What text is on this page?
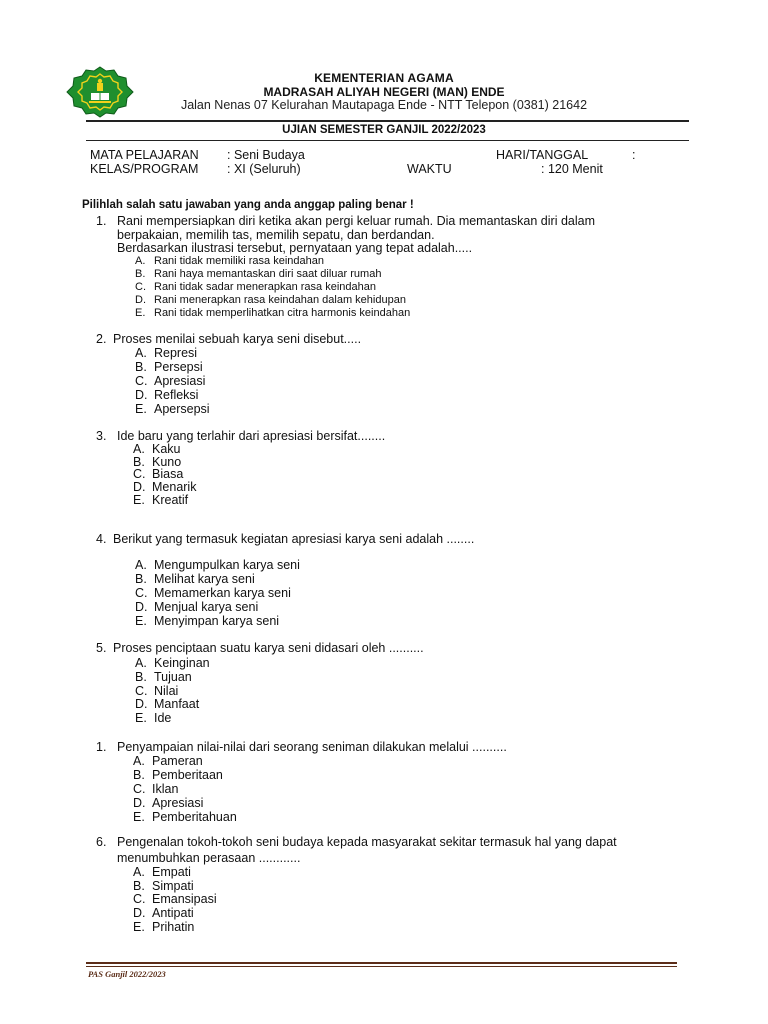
KEMENTERIAN AGAMA
MADRASAH ALIYAH NEGERI (MAN) ENDE
Jalan Nenas 07 Kelurahan Mautapaga Ende - NTT Telepon (0381) 21642
UJIAN SEMESTER GANJIL 2022/2023
MATA PELAJARAN : Seni Budaya	HARI/TANGGAL	:
KELAS/PROGRAM : XI (Seluruh)	WAKTU	: 120 Menit
Pilihlah salah satu jawaban yang anda anggap paling benar !
1. Rani mempersiapkan diri ketika akan pergi keluar rumah. Dia memantaskan diri dalam
berpakaian, memilih tas, memilih sepatu, dan berdandan.
Berdasarkan ilustrasi tersebut, pernyataan yang tepat adalah.....
A. Rani tidak memiliki rasa keindahan
B. Rani haya memantaskan diri saat diluar rumah
C. Rani tidak sadar menerapkan rasa keindahan
D. Rani menerapkan rasa keindahan dalam kehidupan
E. Rani tidak memperlihatkan citra harmonis keindahan
2. Proses menilai sebuah karya seni disebut.....
A. Represi
B. Persepsi
C. Apresiasi
D. Refleksi
E. Apersepsi
3. Ide baru yang terlahir dari apresiasi bersifat........
A. Kaku
B. Kuno
C. Biasa
D. Menarik
E. Kreatif
4. Berikut yang termasuk kegiatan apresiasi karya seni adalah ........
A. Mengumpulkan karya seni
B. Melihat karya seni
C. Memamerkan karya seni
D. Menjual karya seni
E. Menyimpan karya seni
5. Proses penciptaan suatu karya seni didasari oleh ..........
A. Keinginan
B. Tujuan
C. Nilai
D. Manfaat
E. Ide
1. Penyampaian nilai-nilai dari seorang seniman dilakukan melalui ..........
A. Pameran
B. Pemberitaan
C. Iklan
D. Apresiasi
E. Pemberitahuan
6. Pengenalan tokoh-tokoh seni budaya kepada masyarakat sekitar termasuk hal yang dapat
menumbuhkan perasaan ............
A. Empati
B. Simpati
C. Emansipasi
D. Antipati
E. Prihatin
PAS Ganjil 2022/2023
